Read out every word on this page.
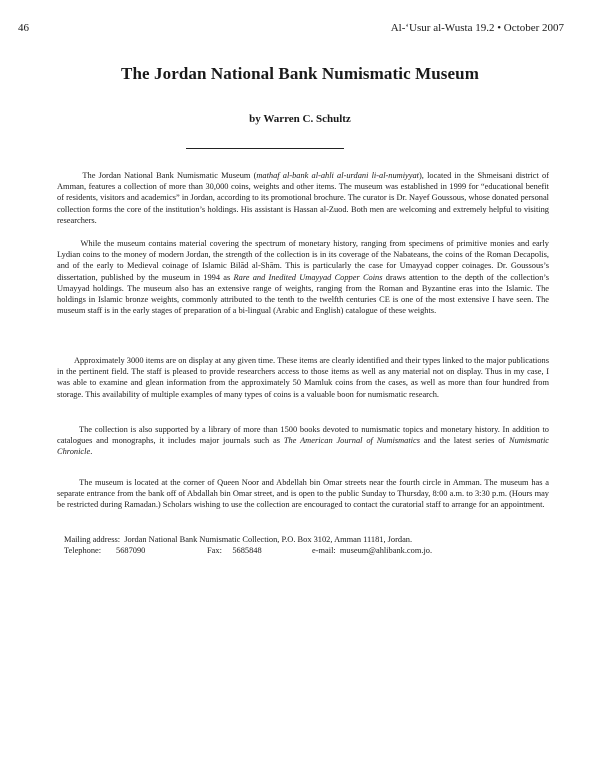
46	Al-‘Usur al-Wusta 19.2 • October 2007
The Jordan National Bank Numismatic Museum
by Warren C. Schultz

The Jordan National Bank Numismatic Museum (mathaf al-bank al-ahli al-urdani li-al-numiyyat), located in the Shmeisani district of Amman, features a collection of more than 30,000 coins, weights and other items. The museum was established in 1999 for “educational benefit of residents, visitors and academics” in Jordan, according to its promotional brochure. The curator is Dr. Nayef Goussous, whose donated personal collection forms the core of the institution’s holdings. His assistant is Hassan al-Zuod. Both men are welcoming and extremely helpful to visiting researchers.

While the museum contains material covering the spectrum of monetary history, ranging from specimens of primitive monies and early Lydian coins to the money of modern Jordan, the strength of the collection is in its coverage of the Nabateans, the coins of the Roman Decapolis, and of the early to Medieval coinage of Islamic Bilād al-Shām. This is particularly the case for Umayyad copper coinages. Dr. Goussous’s dissertation, published by the museum in 1994 as Rare and Inedited Umayyad Copper Coins draws attention to the depth of the collection’s Umayyad holdings. The museum also has an extensive range of weights, ranging from the Roman and Byzantine eras into the Islamic. The holdings in Islamic bronze weights, commonly attributed to the tenth to the twelfth centuries CE is one of the most extensive I have seen. The museum staff is in the early stages of preparation of a bi-lingual (Arabic and English) catalogue of these weights.

Approximately 3000 items are on display at any given time. These items are clearly identified and their types linked to the major publications in the pertinent field. The staff is pleased to provide researchers access to those items as well as any material not on display. Thus in my case, I was able to examine and glean information from the approximately 50 Mamluk coins from the cases, as well as more than four hundred from storage. This availability of multiple examples of many types of coins is a valuable boon for numismatic research.

The collection is also supported by a library of more than 1500 books devoted to numismatic topics and monetary history. In addition to catalogues and monographs, it includes major journals such as The American Journal of Numismatics and the latest series of Numismatic Chronicle.

The museum is located at the corner of Queen Noor and Abdellah bin Omar streets near the fourth circle in Amman. The museum has a separate entrance from the bank off of Abdallah bin Omar street, and is open to the public Sunday to Thursday, 8:00 a.m. to 3:30 p.m. (Hours may be restricted during Ramadan.) Scholars wishing to use the collection are encouraged to contact the curatorial staff to arrange for an appointment.

Mailing address: Jordan National Bank Numismatic Collection, P.O. Box 3102, Amman 11181, Jordan.
Telephone: 5687090	Fax: 5685848	e-mail: museum@ahlibank.com.jo.
